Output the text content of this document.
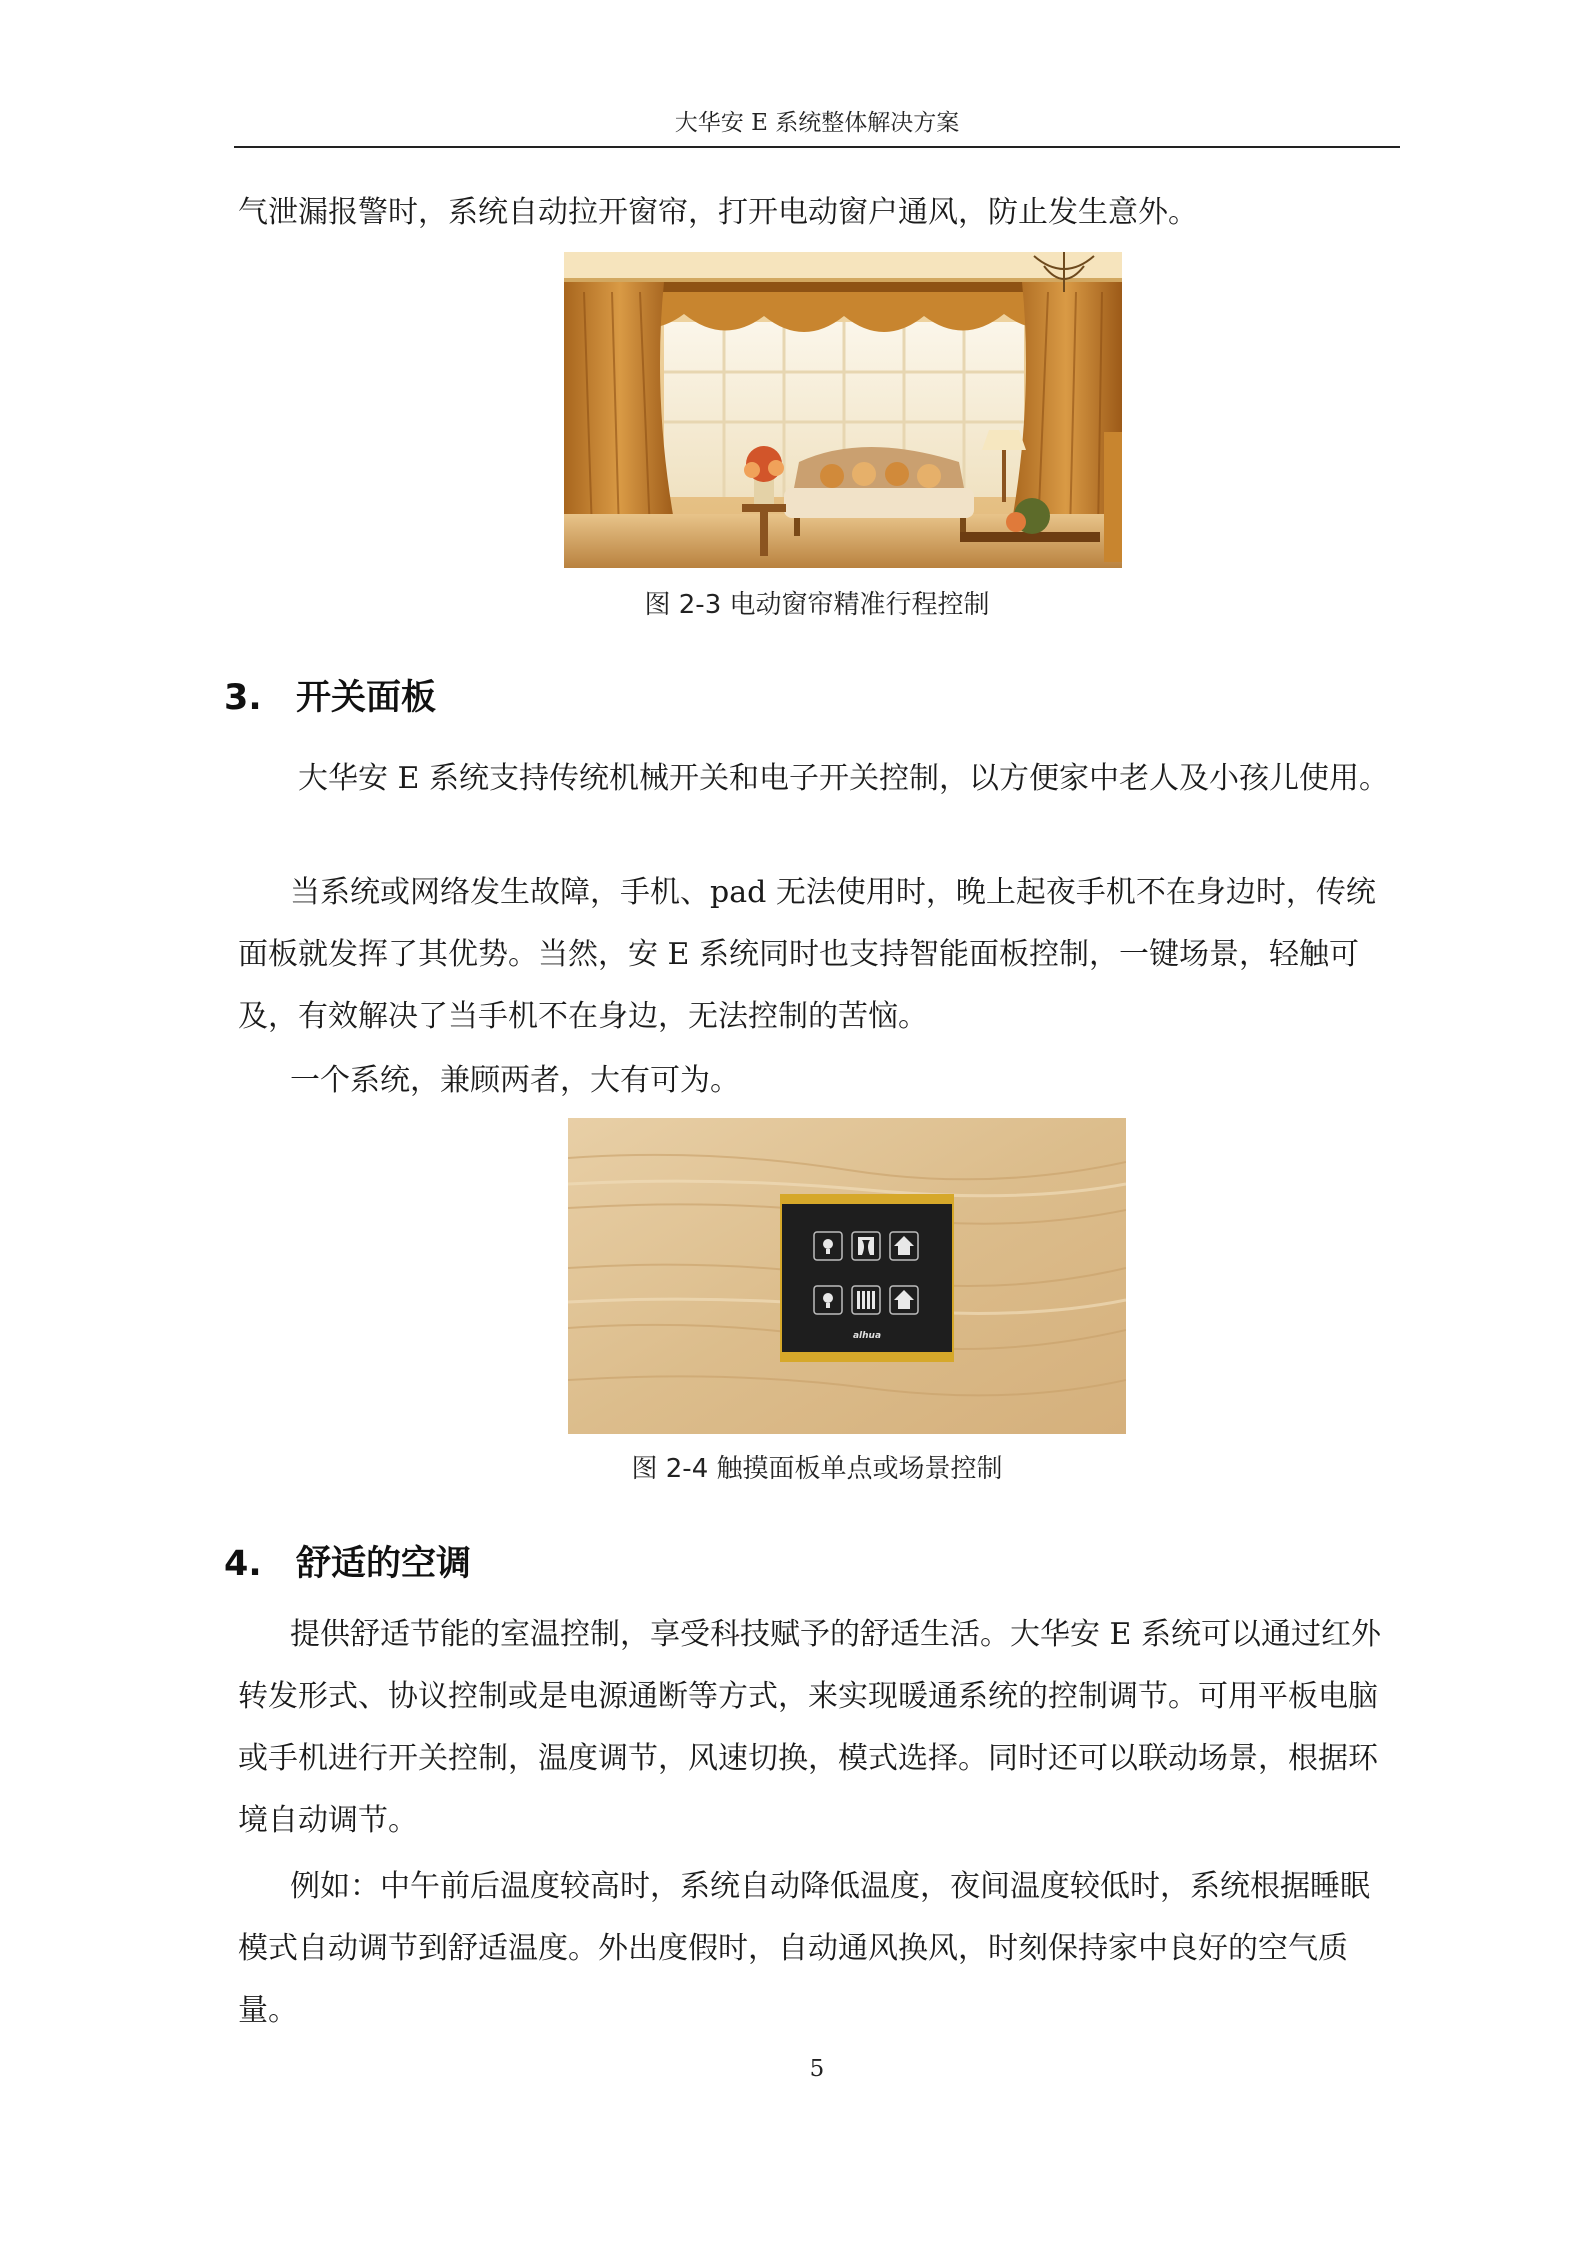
大华安 E 系统整体解决方案

气泄漏报警时，系统自动拉开窗帘，打开电动窗户通风，防止发生意外。

图 2-3 电动窗帘精准行程控制
3. 开关面板

大华安 E 系统支持传统机械开关和电子开关控制，以方便家中老人及小孩儿使用。

当系统或网络发生故障，手机、pad 无法使用时，晚上起夜手机不在身边时，传统面板就发挥了其优势。当然，安 E 系统同时也支持智能面板控制，一键场景，轻触可及，有效解决了当手机不在身边，无法控制的苦恼。

一个系统，兼顾两者，大有可为。

alhua
图 2-4 触摸面板单点或场景控制
4. 舒适的空调

提供舒适节能的室温控制，享受科技赋予的舒适生活。大华安 E 系统可以通过红外转发形式、协议控制或是电源通断等方式，来实现暖通系统的控制调节。可用平板电脑或手机进行开关控制，温度调节，风速切换，模式选择。同时还可以联动场景，根据环境自动调节。

例如：中午前后温度较高时，系统自动降低温度，夜间温度较低时，系统根据睡眠模式自动调节到舒适温度。外出度假时，自动通风换风，时刻保持家中良好的空气质量。

5
